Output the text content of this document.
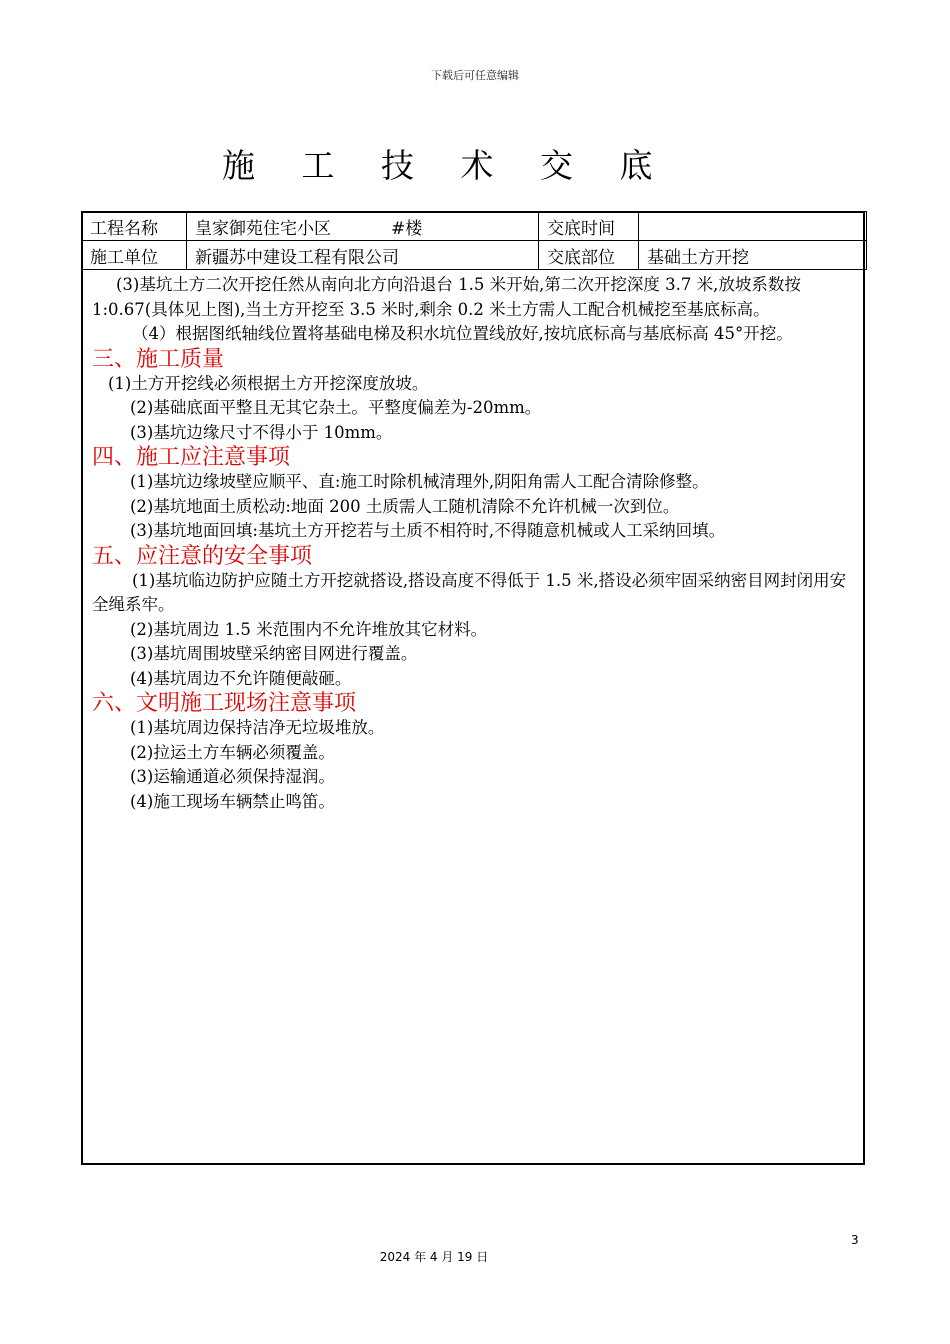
下载后可任意编辑
施 工 技 术 交 底
工程名称	皇家御苑住宅小区 #楼	交底时间	
施工单位	新疆苏中建设工程有限公司	交底部位	基础土方开挖

(3)基坑土方二次开挖任然从南向北方向沿退台 1.5 米开始,第二次开挖深度 3.7 米,放坡系数按 1:0.67(具体见上图),当土方开挖至 3.5 米时,剩余 0.2 米土方需人工配合机械挖至基底标高。

（4）根据图纸轴线位置将基础电梯及积水坑位置线放好,按坑底标高与基底标高 45°开挖。

三、施工质量

(1)土方开挖线必须根据土方开挖深度放坡。

(2)基础底面平整且无其它杂土。平整度偏差为-20mm。

(3)基坑边缘尺寸不得小于 10mm。

四、施工应注意事项

(1)基坑边缘坡壁应顺平、直:施工时除机械清理外,阴阳角需人工配合清除修整。

(2)基坑地面土质松动:地面 200 土质需人工随机清除不允许机械一次到位。

(3)基坑地面回填:基坑土方开挖若与土质不相符时,不得随意机械或人工采纳回填。

五、应注意的安全事项

(1)基坑临边防护应随土方开挖就搭设,搭设高度不得低于 1.5 米,搭设必须牢固采纳密目网封闭用安全绳系牢。

(2)基坑周边 1.5 米范围内不允许堆放其它材料。

(3)基坑周围坡壁采纳密目网进行覆盖。

(4)基坑周边不允许随便敲砸。

六、文明施工现场注意事项

(1)基坑周边保持洁净无垃圾堆放。

(2)拉运土方车辆必须覆盖。

(3)运输通道必须保持湿润。

(4)施工现场车辆禁止鸣笛。

3
2024 年 4 月 19 日
